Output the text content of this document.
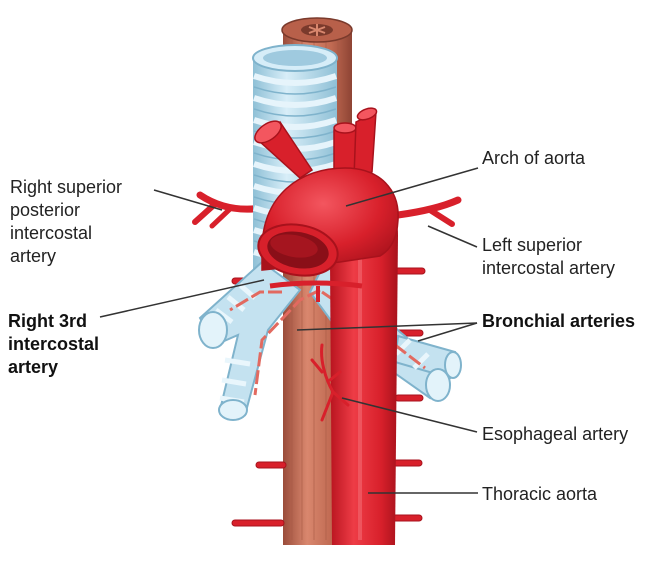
Right superior
posterior
intercostal
artery
Right 3rd
intercostal
artery
Arch of aorta
Left superior
intercostal artery
Bronchial arteries
Esophageal artery
Thoracic aorta
